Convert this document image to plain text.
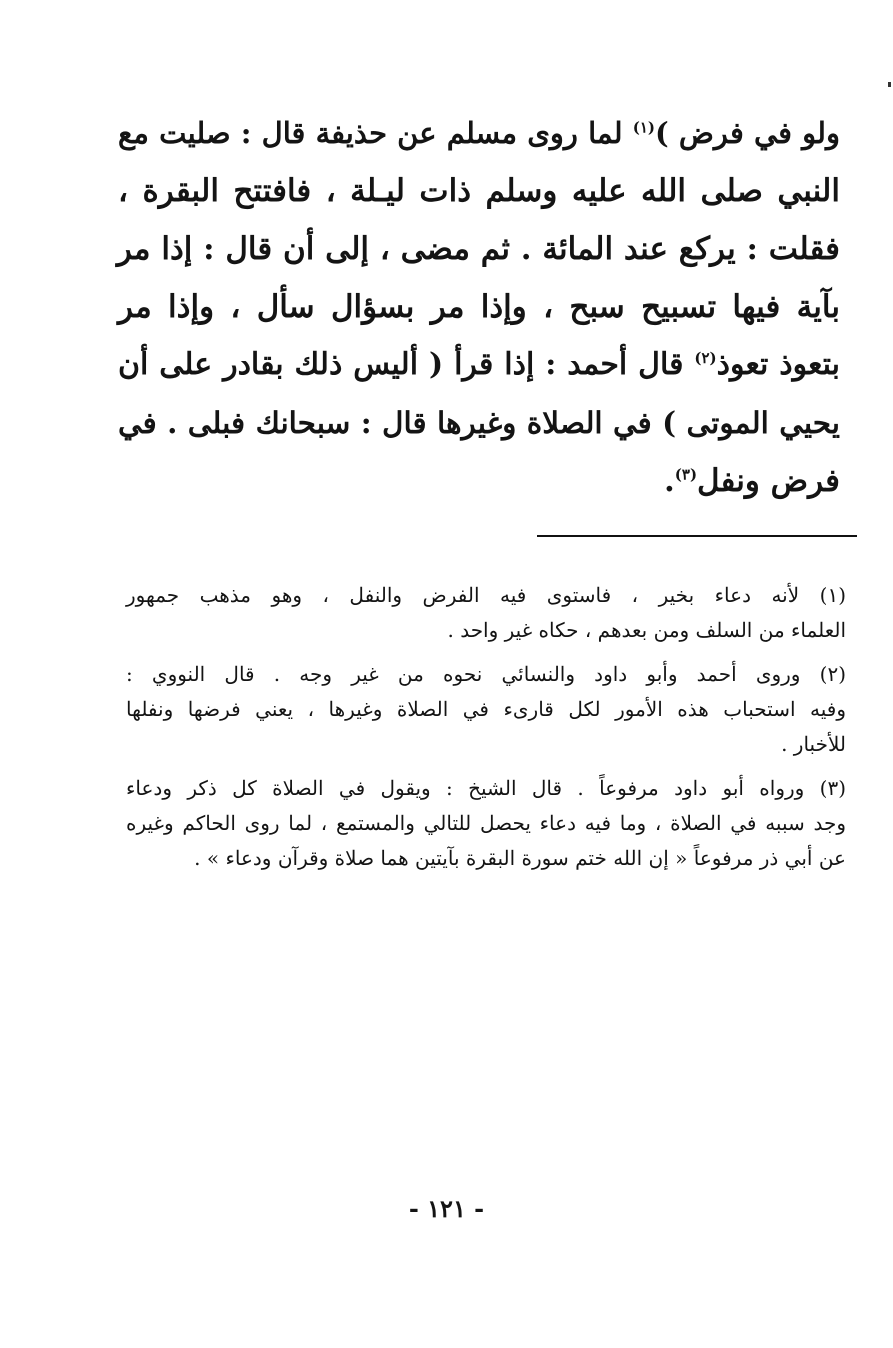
ولو في فرض )$^{(١)}$ لما روى مسلم عن حذيفة قال : صليت مع
النبي صلى الله عليه وسلم ذات ليـلة ، فافتتح البقرة ،
فقلت : يركع عند المائة . ثم مضى ، إلى أن قال : إذا مر
بآية فيها تسبيح سبح ، وإذا مر بسؤال سأل ، وإذا مر
بتعوذ تعوذ$^{(٢)}$ قال أحمد : إذا قرأ ( أليس ذلك بقادر على أن
يحيي الموتى ) في الصلاة وغيرها قال : سبحانك فبلى . في
فرض ونفل$^{(٣)}$.
(١) لأنه دعاء بخير ، فاستوى فيه الفرض والنفل ، وهو مذهب جمهور
العلماء من السلف ومن بعدهم ، حكاه غير واحد .
(٢) وروى أحمد وأبو داود والنسائي نحوه من غير وجه . قال النووي :
وفيه استحباب هذه الأمور لكل قارىء في الصلاة وغيرها ، يعني فرضها ونفلها
للأخبار .
(٣) ورواه أبو داود مرفوعاً . قال الشيخ : ويقول في الصلاة كل ذكر ودعاء
وجد سببه في الصلاة ، وما فيه دعاء يحصل للتالي والمستمع ، لما روى الحاكم وغيره
عن أبي ذر مرفوعاً « إن الله ختم سورة البقرة بآيتين هما صلاة وقرآن ودعاء » .
- ١٢١ -
